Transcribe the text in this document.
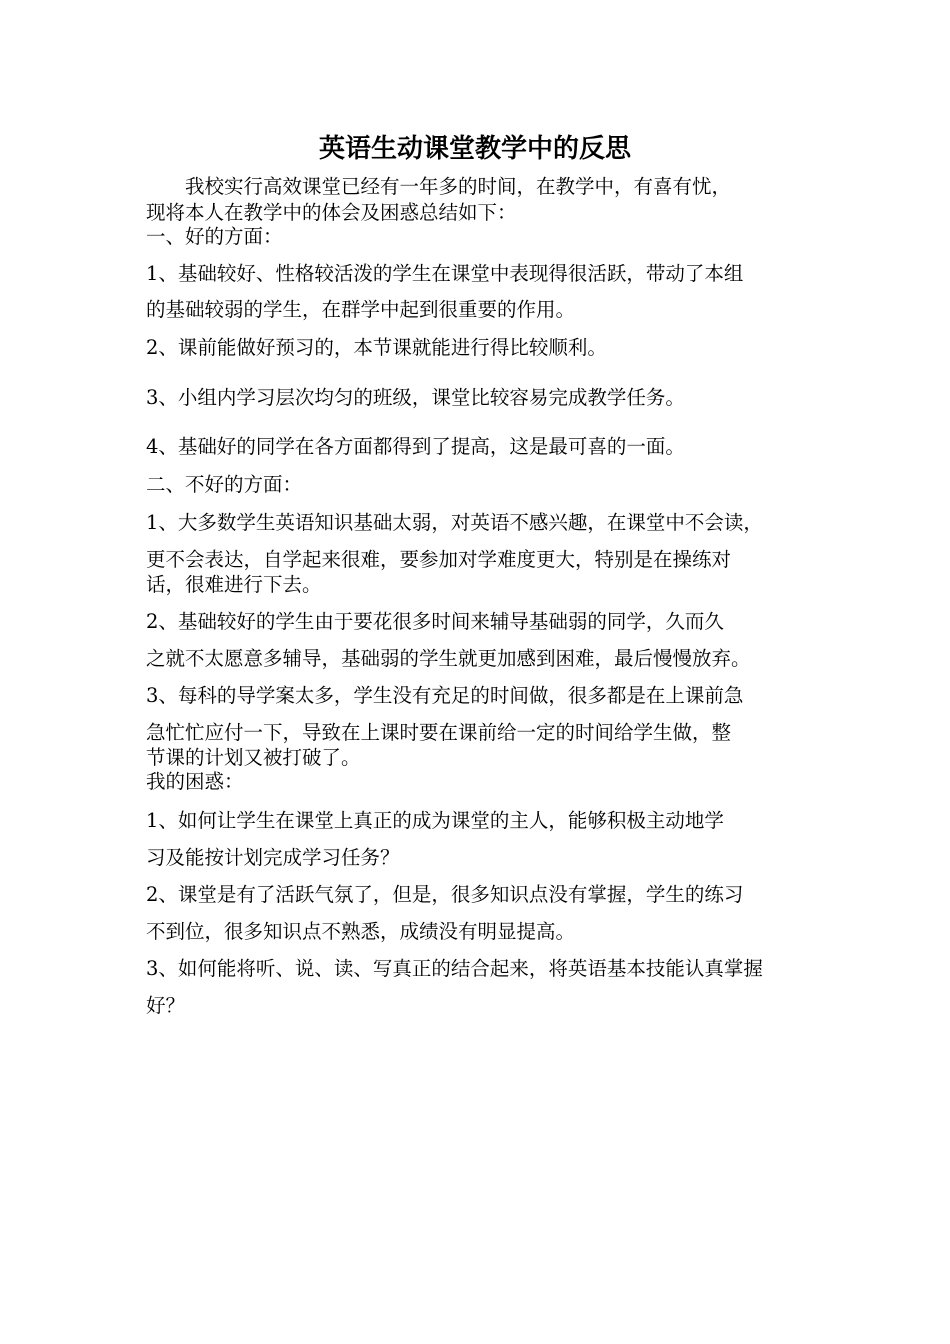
英语生动课堂教学中的反思
　　我校实行高效课堂已经有一年多的时间，在教学中，有喜有忧，
现将本人在教学中的体会及困惑总结如下：
一、好的方面：
1、基础较好、性格较活泼的学生在课堂中表现得很活跃，带动了本组
的基础较弱的学生，在群学中起到很重要的作用。
2、课前能做好预习的，本节课就能进行得比较顺利。
3、小组内学习层次均匀的班级，课堂比较容易完成教学任务。
4、基础好的同学在各方面都得到了提高，这是最可喜的一面。
二、不好的方面：
1、大多数学生英语知识基础太弱，对英语不感兴趣，在课堂中不会读，
更不会表达，自学起来很难，要参加对学难度更大，特别是在操练对
话，很难进行下去。
2、基础较好的学生由于要花很多时间来辅导基础弱的同学，久而久
之就不太愿意多辅导，基础弱的学生就更加感到困难，最后慢慢放弃。
3、每科的导学案太多，学生没有充足的时间做，很多都是在上课前急
急忙忙应付一下，导致在上课时要在课前给一定的时间给学生做，整
节课的计划又被打破了。
我的困惑：
1、如何让学生在课堂上真正的成为课堂的主人，能够积极主动地学
习及能按计划完成学习任务？
2、课堂是有了活跃气氛了，但是，很多知识点没有掌握，学生的练习
不到位，很多知识点不熟悉，成绩没有明显提高。
3、如何能将听、说、读、写真正的结合起来，将英语基本技能认真掌握
好？
